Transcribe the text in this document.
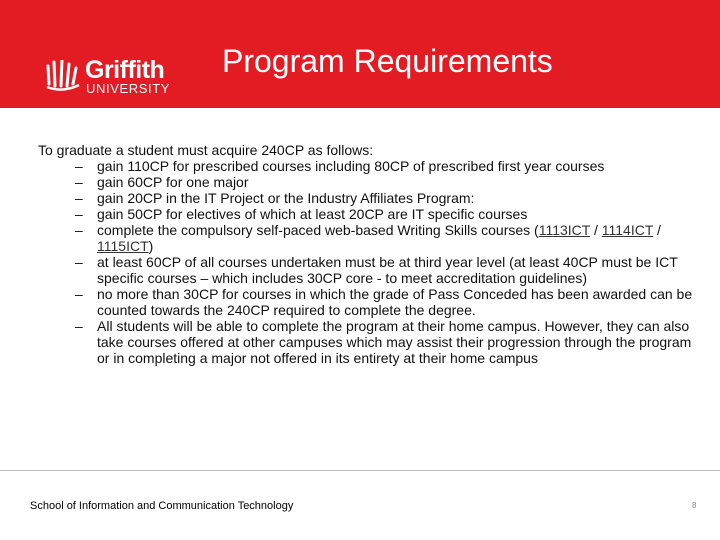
Griffith
UNIVERSITY
Program Requirements
To graduate a student must acquire 240CP as follows:
– gain 110CP for prescribed courses including 80CP of prescribed first year courses
– gain 60CP for one major
– gain 20CP in the IT Project or the Industry Affiliates Program:
– gain 50CP for electives of which at least 20CP are IT specific courses
– complete the compulsory self-paced web-based Writing Skills courses (1113ICT / 1114ICT / 1115ICT)
– at least 60CP of all courses undertaken must be at third year level (at least 40CP must be ICT specific courses – which includes 30CP core - to meet accreditation guidelines)
– no more than 30CP for courses in which the grade of Pass Conceded has been awarded can be counted towards the 240CP required to complete the degree.
– All students will be able to complete the program at their home campus. However, they can also take courses offered at other campuses which may assist their progression through the program or in completing a major not offered in its entirety at their home campus
School of Information and Communication Technology	8
